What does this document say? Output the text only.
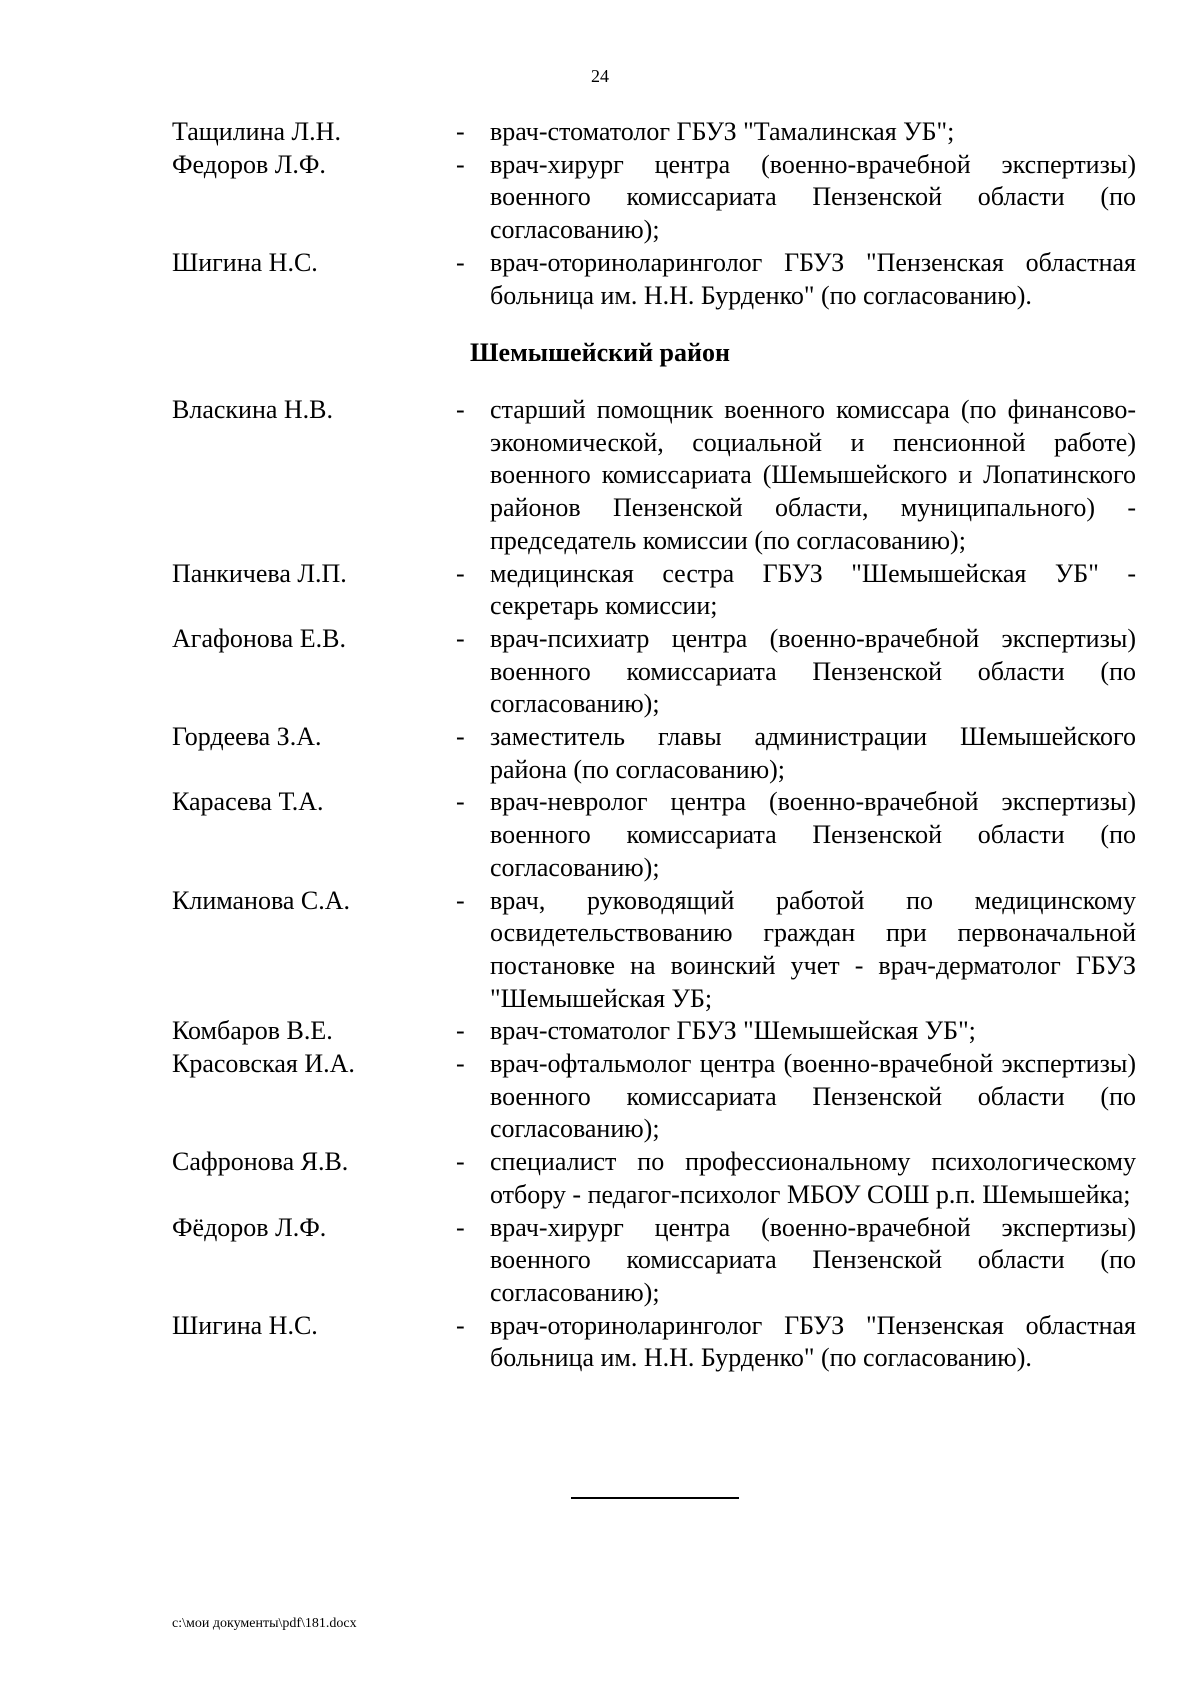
24
Тащилина Л.Н.	- врач-стоматолог ГБУЗ "Тамалинская УБ";
Федоров Л.Ф.	- врач-хирург центра (военно-врачебной экспертизы) военного комиссариата Пензенской области (по согласованию);
Шигина Н.С.	- врач-оториноларинголог ГБУЗ "Пензенская областная больница им. Н.Н. Бурденко" (по согласованию).
Шемышейский район
Власкина Н.В.	- старший помощник военного комиссара (по финансово-экономической, социальной и пенсионной работе) военного комиссариата (Шемышейского и Лопатинского районов Пензенской области, муниципального) - председатель комиссии (по согласованию);
Панкичева Л.П.	- медицинская сестра ГБУЗ "Шемышейская УБ" - секретарь комиссии;
Агафонова Е.В.	- врач-психиатр центра (военно-врачебной экспертизы) военного комиссариата Пензенской области (по согласованию);
Гордеева З.А.	- заместитель главы администрации Шемышейского района (по согласованию);
Карасева Т.А.	- врач-невролог центра (военно-врачебной экспертизы) военного комиссариата Пензенской области (по согласованию);
Климанова С.А.	- врач, руководящий работой по медицинскому освидетельствованию граждан при первоначальной постановке на воинский учет - врач-дерматолог ГБУЗ "Шемышейская УБ;
Комбаров В.Е.	- врач-стоматолог ГБУЗ "Шемышейская УБ";
Красовская И.А.	- врач-офтальмолог центра (военно-врачебной экспертизы) военного комиссариата Пензенской области (по согласованию);
Сафронова Я.В.	- специалист по профессиональному психологическому отбору - педагог-психолог МБОУ СОШ р.п. Шемышейка;
Фёдоров Л.Ф.	- врач-хирург центра (военно-врачебной экспертизы) военного комиссариата Пензенской области (по согласованию);
Шигина Н.С.	- врач-оториноларинголог ГБУЗ "Пензенская областная больница им. Н.Н. Бурденко" (по согласованию).
c:\мои документы\pdf\181.docx
